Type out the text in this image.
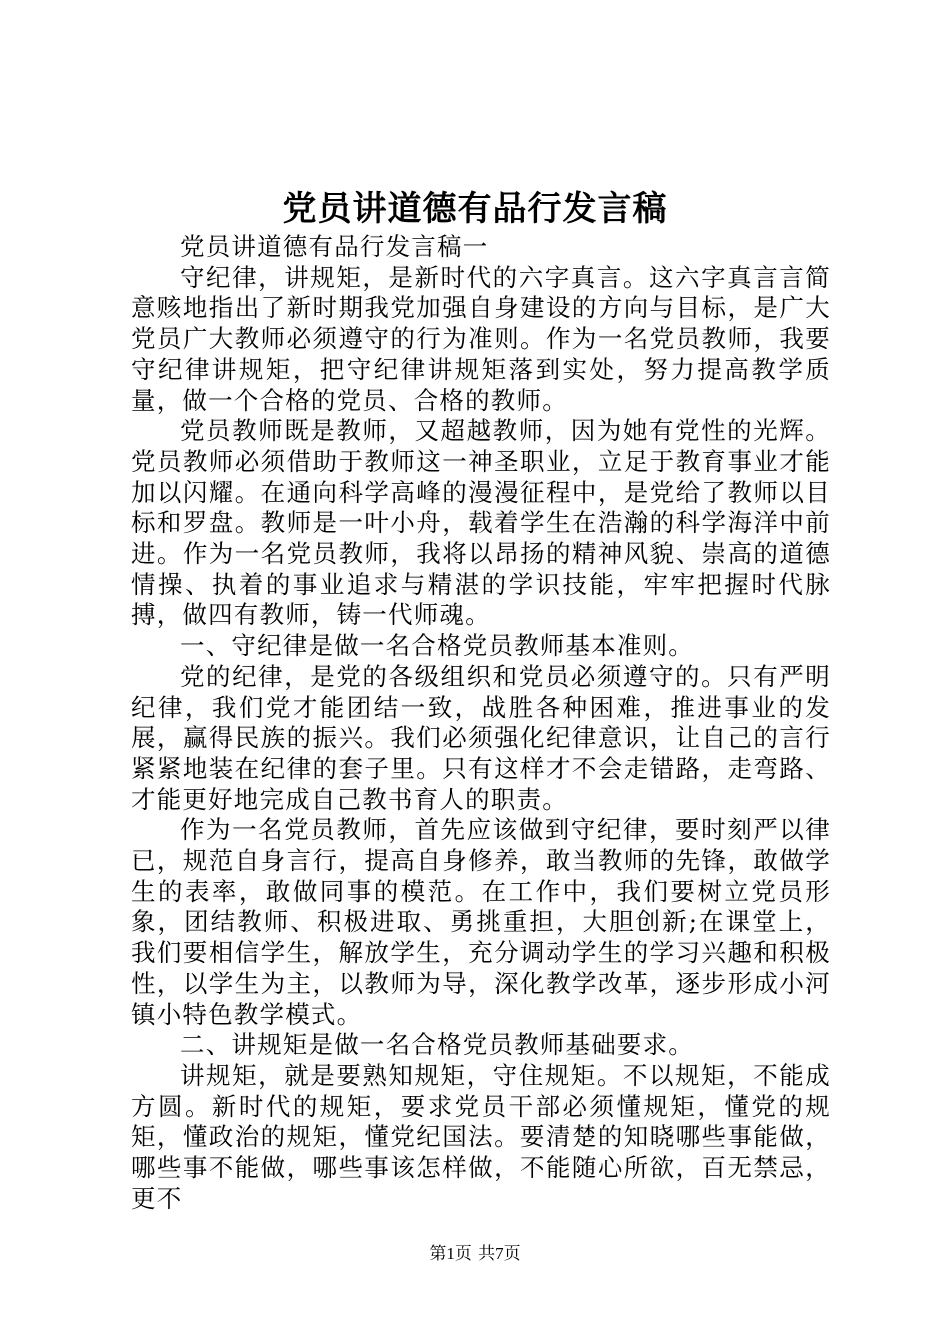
党员讲道德有品行发言稿

党员讲道德有品行发言稿一

守纪律，讲规矩，是新时代的六字真言。这六字真言言简意赅地指出了新时期我党加强自身建设的方向与目标，是广大党员广大教师必须遵守的行为准则。作为一名党员教师，我要守纪律讲规矩，把守纪律讲规矩落到实处，努力提高教学质量，做一个合格的党员、合格的教师。

党员教师既是教师，又超越教师，因为她有党性的光辉。党员教师必须借助于教师这一神圣职业，立足于教育事业才能加以闪耀。在通向科学高峰的漫漫征程中，是党给了教师以目标和罗盘。教师是一叶小舟，载着学生在浩瀚的科学海洋中前进。作为一名党员教师，我将以昂扬的精神风貌、崇高的道德情操、执着的事业追求与精湛的学识技能，牢牢把握时代脉搏，做四有教师，铸一代师魂。

一、守纪律是做一名合格党员教师基本准则。

党的纪律，是党的各级组织和党员必须遵守的。只有严明纪律，我们党才能团结一致，战胜各种困难，推进事业的发展，赢得民族的振兴。我们必须强化纪律意识，让自己的言行紧紧地装在纪律的套子里。只有这样才不会走错路，走弯路、才能更好地完成自己教书育人的职责。

作为一名党员教师，首先应该做到守纪律，要时刻严以律已，规范自身言行，提高自身修养，敢当教师的先锋，敢做学生的表率，敢做同事的模范。在工作中，我们要树立党员形象，团结教师、积极进取、勇挑重担，大胆创新;在课堂上，我们要相信学生，解放学生，充分调动学生的学习兴趣和积极性，以学生为主，以教师为导，深化教学改革，逐步形成小河镇小特色教学模式。

二、讲规矩是做一名合格党员教师基础要求。

讲规矩，就是要熟知规矩，守住规矩。不以规矩，不能成方圆。新时代的规矩，要求党员干部必须懂规矩，懂党的规矩，懂政治的规矩，懂党纪国法。要清楚的知晓哪些事能做，哪些事不能做，哪些事该怎样做，不能随心所欲，百无禁忌，更不

第1页 共7页
